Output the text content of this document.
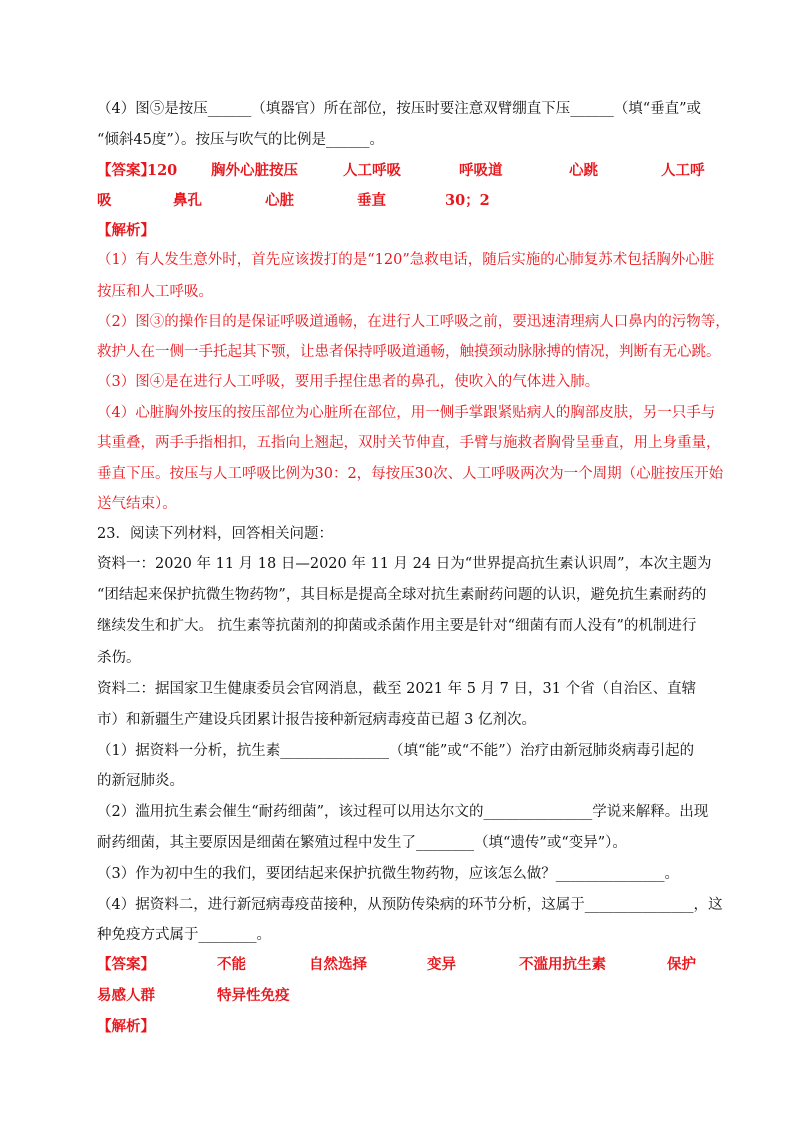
（4）图⑤是按压______（填器官）所在部位，按压时要注意双臂绷直下压______（填“垂直”或
“倾斜45度”）。按压与吹气的比例是______。
【答案】
120	胸外心脏按压	人工呼吸	呼吸道	心跳	人工呼
吸	鼻孔	心脏	垂直	30；2
【解析】
（1）有人发生意外时，首先应该拨打的是“120”急救电话，随后实施的心肺复苏术包括胸外心脏
按压和人工呼吸。
（2）图③的操作目的是保证呼吸道通畅，在进行人工呼吸之前，要迅速清理病人口鼻内的污物等，
救护人在一侧一手托起其下颚，让患者保持呼吸道通畅，触摸颈动脉脉搏的情况，判断有无心跳。
（3）图④是在进行人工呼吸，要用手捏住患者的鼻孔，使吹入的气体进入肺。
（4）心脏胸外按压的按压部位为心脏所在部位，用一侧手掌跟紧贴病人的胸部皮肤，另一只手与
其重叠，两手手指相扣，五指向上翘起，双肘关节伸直，手臂与施救者胸骨呈垂直，用上身重量，
垂直下压。按压与人工呼吸比例为30：2，每按压30次、人工呼吸两次为一个周期（心脏按压开始
送气结束）。
23．阅读下列材料，回答相关问题：
资料一：2020 年 11 月 18 日—2020 年 11 月 24 日为“世界提高抗生素认识周”，本次主题为
“团结起来保护抗微生物药物”，其目标是提高全球对抗生素耐药问题的认识，避免抗生素耐药的
继续发生和扩大。 抗生素等抗菌剂的抑菌或杀菌作用主要是针对“细菌有而人没有”的机制进行
杀伤。
资料二：据国家卫生健康委员会官网消息，截至 2021 年 5 月 7 日，31 个省（自治区、直辖
市）和新疆生产建设兵团累计报告接种新冠病毒疫苗已超 3 亿剂次。
（1）据资料一分析，抗生素_______________（填“能”或“不能”）治疗由新冠肺炎病毒引起的
的新冠肺炎。
（2）滥用抗生素会催生“耐药细菌”，该过程可以用达尔文的_______________学说来解释。出现
耐药细菌，其主要原因是细菌在繁殖过程中发生了________（填“遗传”或“变异”）。
（3）作为初中生的我们，要团结起来保护抗微生物药物，应该怎么做？_______________。
（4）据资料二，进行新冠病毒疫苗接种，从预防传染病的环节分析，这属于_______________，这
种免疫方式属于________。
【答案】	不能	自然选择	变异	不滥用抗生素	保护
易感人群	特异性免疫
【解析】
